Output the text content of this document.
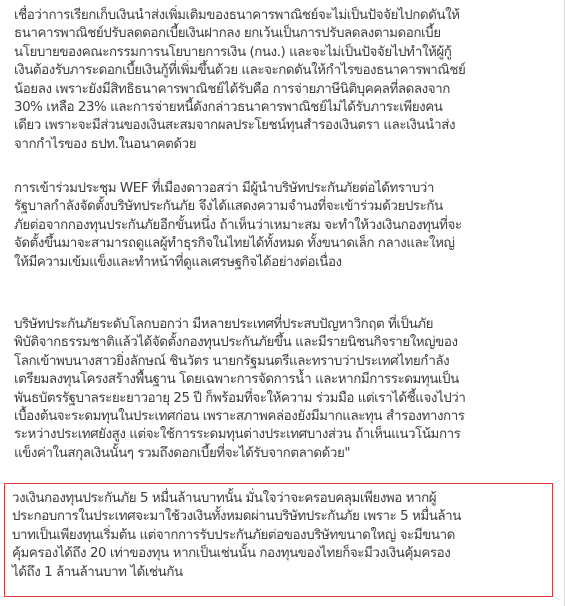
เชื่อว่าการเรียกเก็บเงินนำส่งเพิ่มเติมของธนาคารพาณิชย์จะไม่เป็นปัจจัยไปกดดันให้
ธนาคารพาณิชย์ปรับลดดอกเบี้ยเงินฝากลง ยกเว้นเป็นการปรับลดลงตามดอกเบี้ย
นโยบายของคณะกรรมการนโยบายการเงิน (กนง.) และจะไม่เป็นปัจจัยไปทำให้ผู้กู้
เงินต้องรับภาระดอกเบี้ยเงินกู้ที่เพิ่มขึ้นด้วย และจะกดดันให้กำไรของธนาคารพาณิชย์
น้อยลง เพราะยังมีสิทธิธนาคารพาณิชย์ได้รับคือ การจ่ายภาษีนิติบุคคลที่ลดลงจาก
30% เหลือ 23% และการจ่ายหนี้ดังกล่าวธนาคารพาณิชย์ไม่ได้รับภาระเพียงคน
เดียว เพราะจะมีส่วนของเงินสะสมจากผลประโยชน์ทุนสำรองเงินตรา และเงินนำส่ง
จากกำไรของ ธปท.ในอนาคตด้วย

การเข้าร่วมประชุม WEF ที่เมืองดาวอสว่า มีผู้นำบริษัทประกันภัยต่อได้ทราบว่า
รัฐบาลกำลังจัดตั้งบริษัทประกันภัย จึงได้แสดงความจำนงที่จะเข้าร่วมด้วยประกัน
ภัยต่อจากกองทุนประกันภัยอีกขั้นหนึ่ง ถ้าเห็นว่าเหมาะสม จะทำให้วงเงินกองทุนที่จะ
จัดตั้งขึ้นมาจะสามารถดูแลผู้ทำธุรกิจในไทยได้ทั้งหมด ทั้งขนาดเล็ก กลางและใหญ่
ให้มีความเข้มแข็งและทำหน้าที่ดูแลเศรษฐกิจได้อย่างต่อเนื่อง

บริษัทประกันภัยระดับโลกบอกว่า มีหลายประเทศที่ประสบปัญหาวิกฤต ที่เป็นภัย
พิบัติจากธรรมชาติแล้วได้จัดตั้งกองทุนประกันภัยขึ้น และมีรายนิชนกิจรายใหญ่ของ
โลกเข้าพบนางสาวยิ่งลักษณ์ ชินวัตร นายกรัฐมนตรีและทราบว่าประเทศไทยกำลัง
เตรียมลงทุนโครงสร้างพื้นฐาน โดยเฉพาะการจัดการน้ำ และหากมีการระดมทุนเป็น
พันธบัตรรัฐบาลระยะยาวอายุ 25 ปี ก็พร้อมที่จะให้ความ ร่วมมือ แต่เราได้ชี้แจงไปว่า
เบื้องต้นจะระดมทุนในประเทศก่อน เพราะสภาพคล่องยังมีมากและทุน สำรองทางการ
ระหว่างประเทศยังสูง แต่จะใช้การระดมทุนต่างประเทศบางส่วน ถ้าเห็นแนวโน้มการ
แข็งค่าในสกุลเงินนั้นๆ รวมถึงดอกเบี้ยที่จะได้รับจากตลาดด้วย"

วงเงินกองทุนประกันภัย 5 หมื่นล้านบาทนั้น มั่นใจว่าจะครอบคลุมเพียงพอ หากผู้
ประกอบการในประเทศจะมาใช้วงเงินทั้งหมดผ่านบริษัทประกันภัย เพราะ 5 หมื่นล้าน
บาทเป็นเพียงทุนเริ่มต้น แต่จากการรับประกันภัยต่อของบริษัทขนาดใหญ่ จะมีขนาด
คุ้มครองได้ถึง 20 เท่าของทุน หากเป็นเช่นนั้น กองทุนของไทยก็จะมีวงเงินคุ้มครอง
ได้ถึง 1 ล้านล้านบาท ได้เช่นกัน
